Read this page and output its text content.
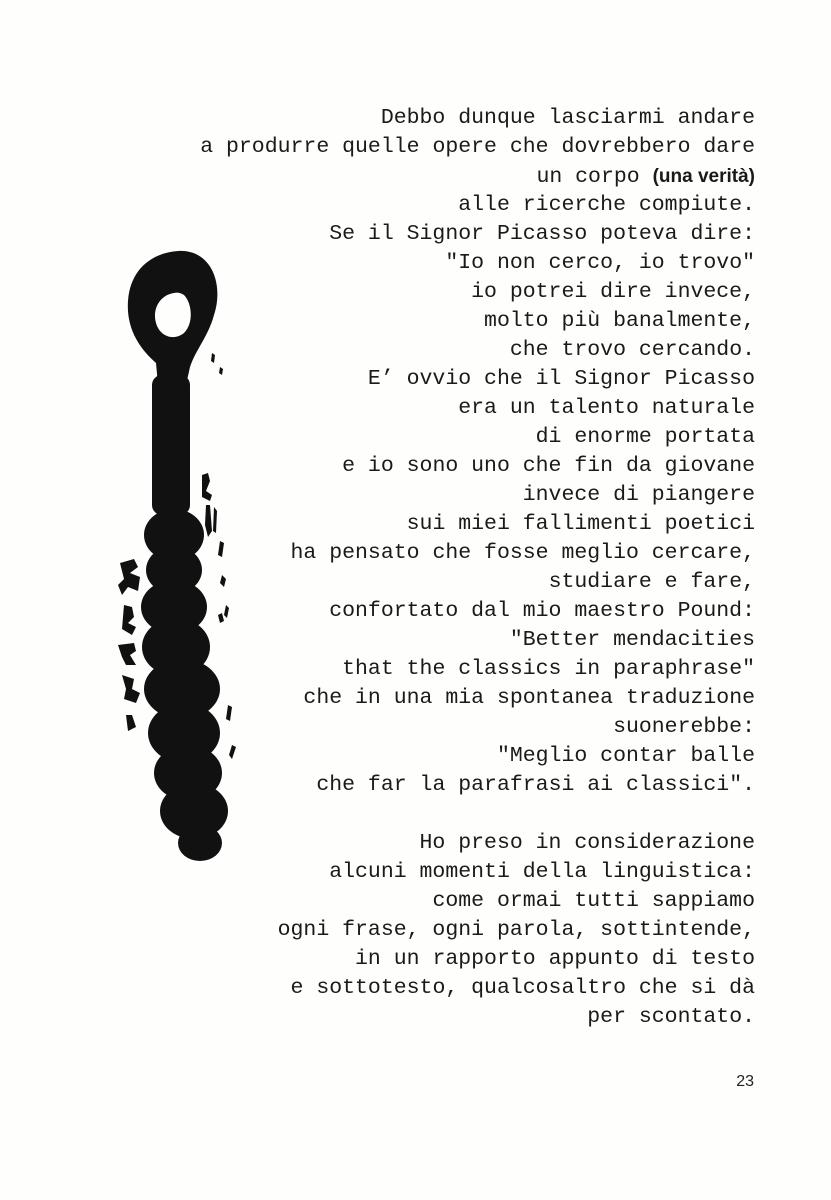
Debbo dunque lasciarmi andare
a produrre quelle opere che dovrebbero dare
un corpo (una verità)
alle ricerche compiute.
Se il Signor Picasso poteva dire:
"Io non cerco, io trovo"
io potrei dire invece,
molto più banalmente,
che trovo cercando.
E’ ovvio che il Signor Picasso
era un talento naturale
di enorme portata
e io sono uno che fin da giovane
invece di piangere
sui miei fallimenti poetici
ha pensato che fosse meglio cercare,
studiare e fare,
confortato dal mio maestro Pound:
"Better mendacities
that the classics in paraphrase"
che in una mia spontanea traduzione
suonerebbe:
"Meglio contar balle
che far la parafrasi ai classici".
Ho preso in considerazione
alcuni momenti della linguistica:
come ormai tutti sappiamo
ogni frase, ogni parola, sottintende,
in un rapporto appunto di testo
e sottotesto, qualcosaltro che si dà
per scontato.
23
